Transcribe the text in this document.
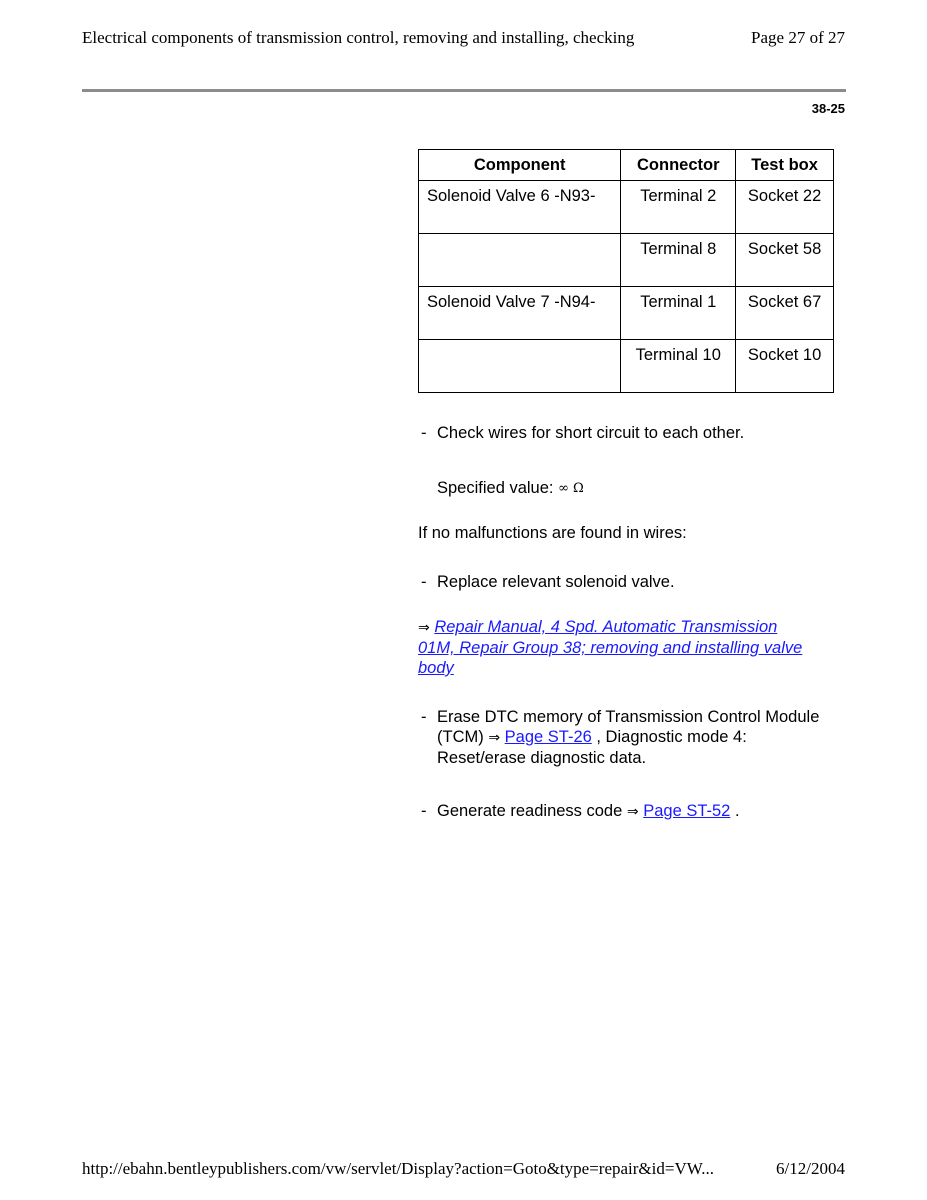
Electrical components of transmission control, removing and installing, checking	Page 27 of 27
38-25
Component	Connector	Test box
Solenoid Valve 6 -N93-	Terminal 2	Socket 22
	Terminal 8	Socket 58
Solenoid Valve 7 -N94-	Terminal 1	Socket 67
	Terminal 10	Socket 10
- Check wires for short circuit to each other.
Specified value: ∞ Ω
If no malfunctions are found in wires:
- Replace relevant solenoid valve.
⇒ Repair Manual, 4 Spd. Automatic Transmission 01M, Repair Group 38; removing and installing valve body
- Erase DTC memory of Transmission Control Module (TCM) ⇒ Page ST-26 , Diagnostic mode 4: Reset/erase diagnostic data.
- Generate readiness code ⇒ Page ST-52 .
http://ebahn.bentleypublishers.com/vw/servlet/Display?action=Goto&type=repair&id=VW...	6/12/2004
